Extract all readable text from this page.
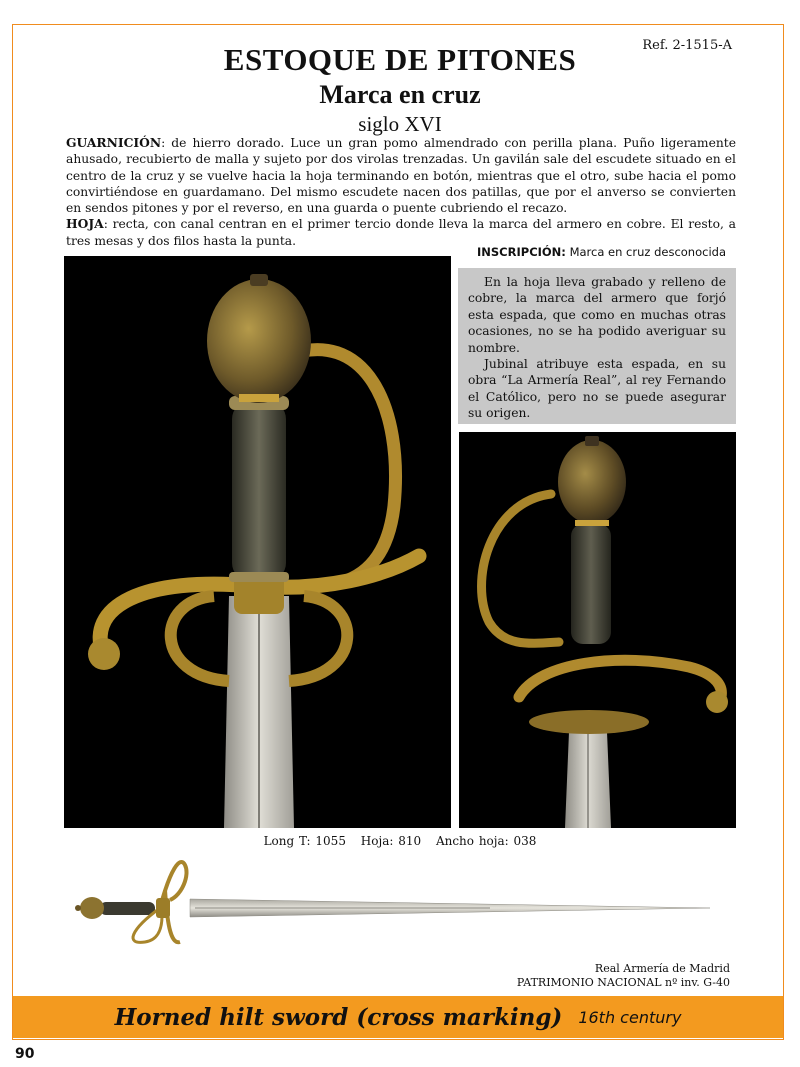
Ref. 2-1515-A
ESTOQUE DE PITONES
Marca en cruz
siglo XVI
GUARNICIÓN: de hierro dorado. Luce un gran pomo almendrado con perilla plana. Puño ligeramente ahusado, recubierto de malla y sujeto por dos virolas trenzadas. Un gavilán sale del escudete situado en el centro de la cruz y se vuelve hacia la hoja terminando en botón, mientras que el otro, sube hacia el pomo convirtiéndose en guardamano. Del mismo escudete nacen dos patillas, que por el anverso se convierten en sendos pitones y por el reverso, en una guarda o puente cubriendo el recazo.
HOJA: recta, con canal centran en el primer tercio donde lleva la marca del armero en cobre. El resto, a tres mesas y dos filos hasta la punta.
INSCRIPCIÓN: Marca en cruz desconocida

En la hoja lleva grabado y relleno de cobre, la marca del armero que forjó esta espada, que como en muchas otras ocasiones, no se ha podido averiguar su nombre.

Jubinal atribuye esta espada, en su obra “La Armería Real”, al rey Fernando el Católico, pero no se puede asegurar su origen.

Long T: 1055 Hoja: 810 Ancho hoja: 038
Real Armería de Madrid
PATRIMONIO NACIONAL nº inv. G-40
Horned hilt sword (cross marking) 16th century
90
